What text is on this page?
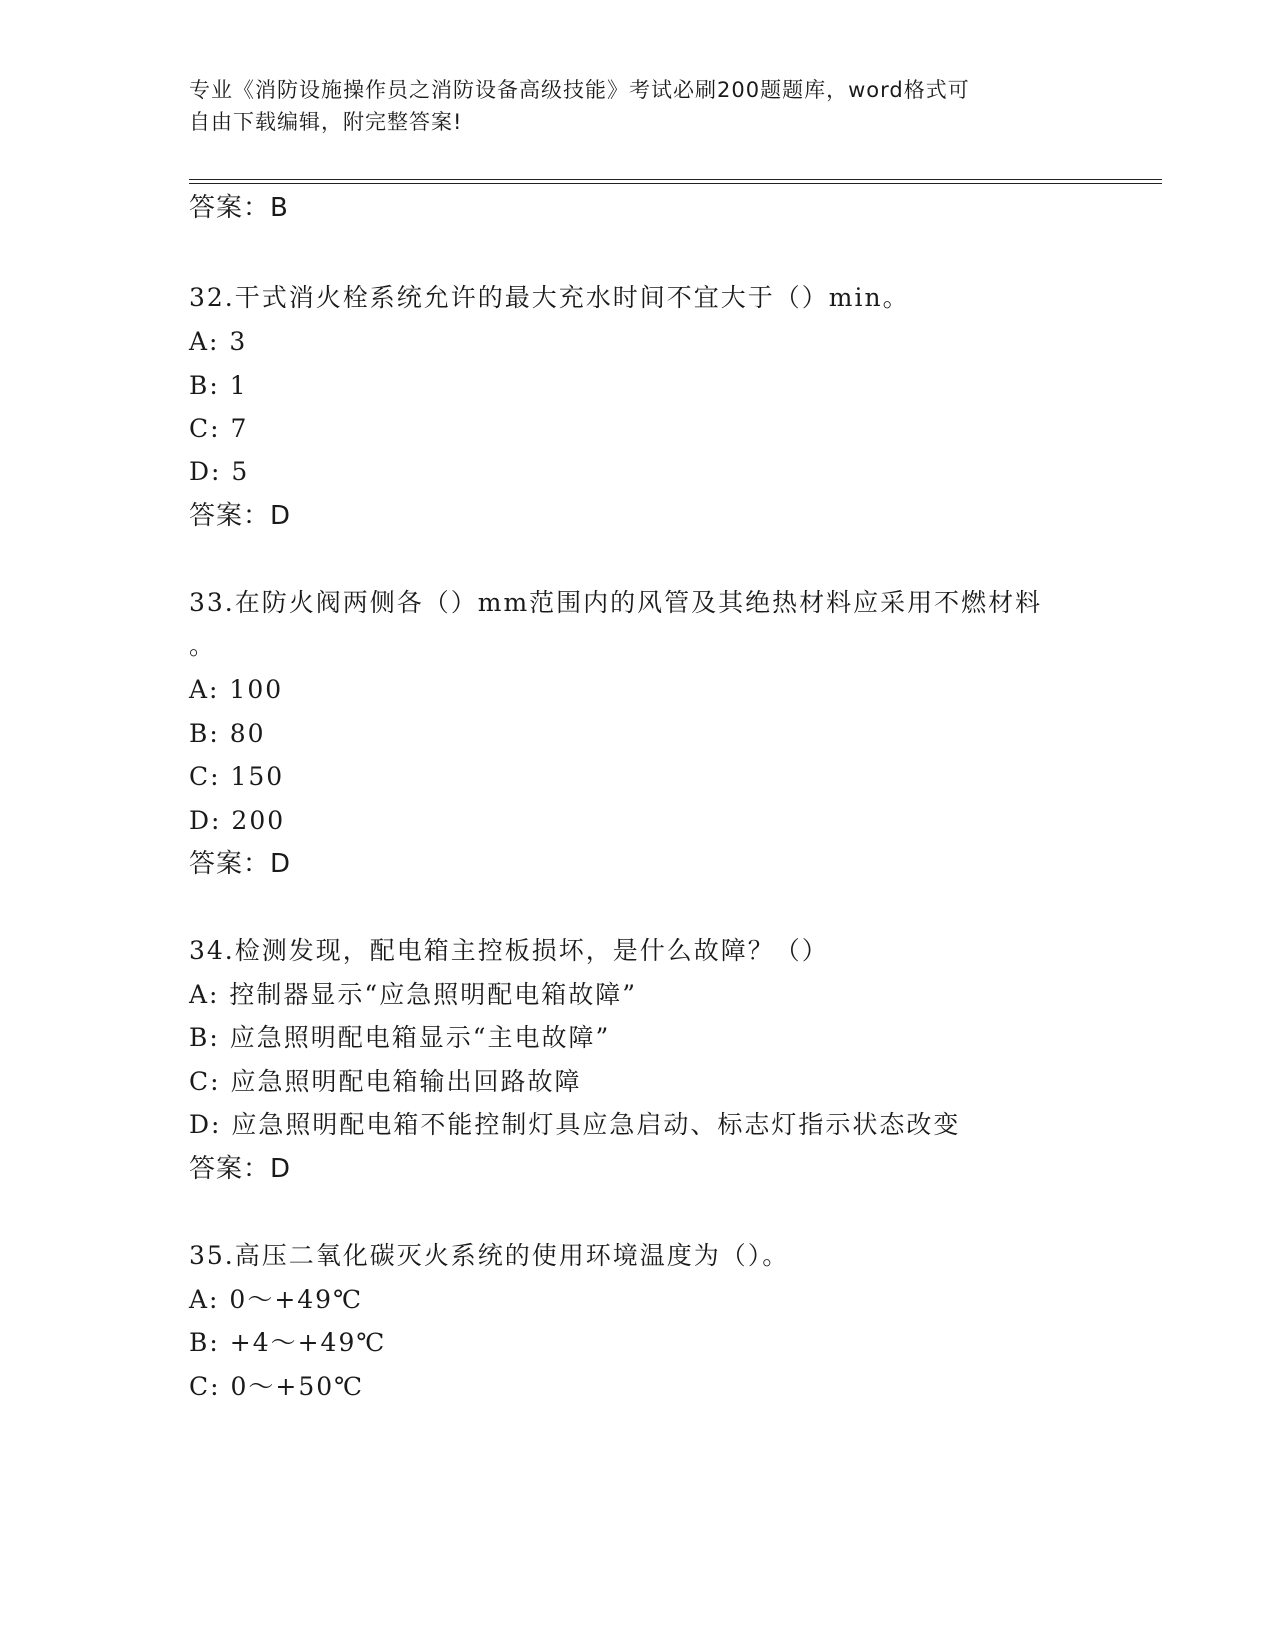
专业《消防设施操作员之消防设备高级技能》考试必刷200题题库，word格式可
自由下载编辑，附完整答案!
答案：B
32.干式消火栓系统允许的最大充水时间不宜大于（）min。
A: 3
B: 1
C: 7
D: 5
答案：D
33.在防火阀两侧各（）mm范围内的风管及其绝热材料应采用不燃材料
。
A: 100
B: 80
C: 150
D: 200
答案：D
34.检测发现，配电箱主控板损坏，是什么故障？（）
A: 控制器显示“应急照明配电箱故障”
B: 应急照明配电箱显示“主电故障”
C: 应急照明配电箱输出回路故障
D: 应急照明配电箱不能控制灯具应急启动、标志灯指示状态改变
答案：D
35.高压二氧化碳灭火系统的使用环境温度为（）。
A: 0～+49℃
B: +4～+49℃
C: 0～+50℃
